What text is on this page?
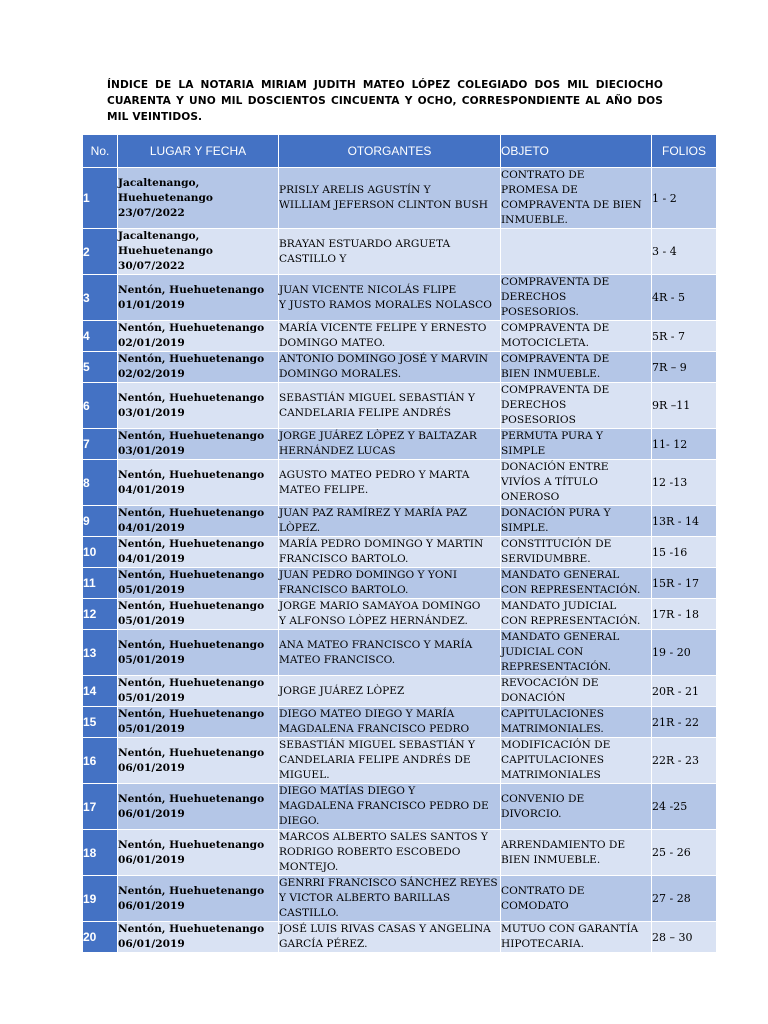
ÍNDICE DE LA NOTARIA MIRIAM JUDITH MATEO LÓPEZ COLEGIADO DOS MIL DIECIOCHO CUARENTA Y UNO MIL DOSCIENTOS CINCUENTA Y OCHO, CORRESPONDIENTE AL AÑO DOS MIL VEINTIDOS.
No.	LUGAR Y FECHA	OTORGANTES	OBJETO	FOLIOS
1	Jacaltenango,
Huehuetenango
23/07/2022	PRISLY ARELIS AGUSTÍN Y
WILLIAM JEFERSON CLINTON BUSH	CONTRATO DE
PROMESA DE
COMPRAVENTA DE BIEN
INMUEBLE.	1 - 2
2	Jacaltenango,
Huehuetenango
30/07/2022	BRAYAN ESTUARDO ARGUETA
CASTILLO Y		3 - 4
3	Nentón, Huehuetenango
01/01/2019	JUAN VICENTE NICOLÁS FLIPE
Y JUSTO RAMOS MORALES NOLASCO	COMPRAVENTA DE
DERECHOS
POSESORIOS.	4R - 5
4	Nentón, Huehuetenango
02/01/2019	MARÍA VICENTE FELIPE Y ERNESTO
DOMINGO MATEO.	COMPRAVENTA DE
MOTOCICLETA.	5R - 7
5	Nentón, Huehuetenango
02/02/2019	ANTONIO DOMINGO JOSÉ Y MARVIN
DOMINGO MORALES.	COMPRAVENTA DE
BIEN INMUEBLE.	7R – 9
6	Nentón, Huehuetenango
03/01/2019	SEBASTIÁN MIGUEL SEBASTIÁN Y
CANDELARIA FELIPE ANDRÉS	COMPRAVENTA DE
DERECHOS
POSESORIOS	9R –11
7	Nentón, Huehuetenango
03/01/2019	JORGE JUÁREZ LÒPEZ Y BALTAZAR
HERNÁNDEZ LUCAS	PERMUTA PURA Y
SIMPLE	11- 12
8	Nentón, Huehuetenango
04/01/2019	AGUSTO MATEO PEDRO Y MARTA
MATEO FELIPE.	DONACIÓN ENTRE
VIVÍOS A TÍTULO
ONEROSO	12 -13
9	Nentón, Huehuetenango
04/01/2019	JUAN PAZ RAMÍREZ Y MARÍA PAZ
LÒPEZ.	DONACIÓN PURA Y
SIMPLE.	13R - 14
10	Nentón, Huehuetenango
04/01/2019	MARÍA PEDRO DOMINGO Y MARTIN
FRANCISCO BARTOLO.	CONSTITUCIÓN DE
SERVIDUMBRE.	15 -16
11	Nentón, Huehuetenango
05/01/2019	JUAN PEDRO DOMINGO Y YONI
FRANCISCO BARTOLO.	MANDATO GENERAL
CON REPRESENTACIÓN.	15R - 17
12	Nentón, Huehuetenango
05/01/2019	JORGE MARIO SAMAYOA DOMINGO
Y ALFONSO LÒPEZ HERNÁNDEZ.	MANDATO JUDICIAL
CON REPRESENTACIÓN.	17R - 18
13	Nentón, Huehuetenango
05/01/2019	ANA MATEO FRANCISCO Y MARÍA
MATEO FRANCISCO.	MANDATO GENERAL
JUDICIAL CON
REPRESENTACIÓN.	19 - 20
14	Nentón, Huehuetenango
05/01/2019	JORGE JUÁREZ LÒPEZ	REVOCACIÓN DE
DONACIÓN	20R - 21
15	Nentón, Huehuetenango
05/01/2019	DIEGO MATEO DIEGO Y MARÍA
MAGDALENA FRANCISCO PEDRO	CAPITULACIONES
MATRIMONIALES.	21R - 22
16	Nentón, Huehuetenango
06/01/2019	SEBASTIÁN MIGUEL SEBASTIÁN Y
CANDELARIA FELIPE ANDRÉS DE
MIGUEL.	MODIFICACIÓN DE
CAPITULACIONES
MATRIMONIALES	22R - 23
17	Nentón, Huehuetenango
06/01/2019	DIEGO MATÍAS DIEGO Y
MAGDALENA FRANCISCO PEDRO DE
DIEGO.	CONVENIO DE
DIVORCIO.	24 -25
18	Nentón, Huehuetenango
06/01/2019	MARCOS ALBERTO SALES SANTOS Y
RODRIGO ROBERTO ESCOBEDO
MONTEJO.	ARRENDAMIENTO DE
BIEN INMUEBLE.	25 - 26
19	Nentón, Huehuetenango
06/01/2019	GENRRI FRANCISCO SÁNCHEZ REYES
Y VICTOR ALBERTO BARILLAS
CASTILLO.	CONTRATO DE
COMODATO	27 - 28
20	Nentón, Huehuetenango
06/01/2019	JOSÉ LUIS RIVAS CASAS Y ANGELINA
GARCÍA PÉREZ.	MUTUO CON GARANTÍA
HIPOTECARIA.	28 – 30
